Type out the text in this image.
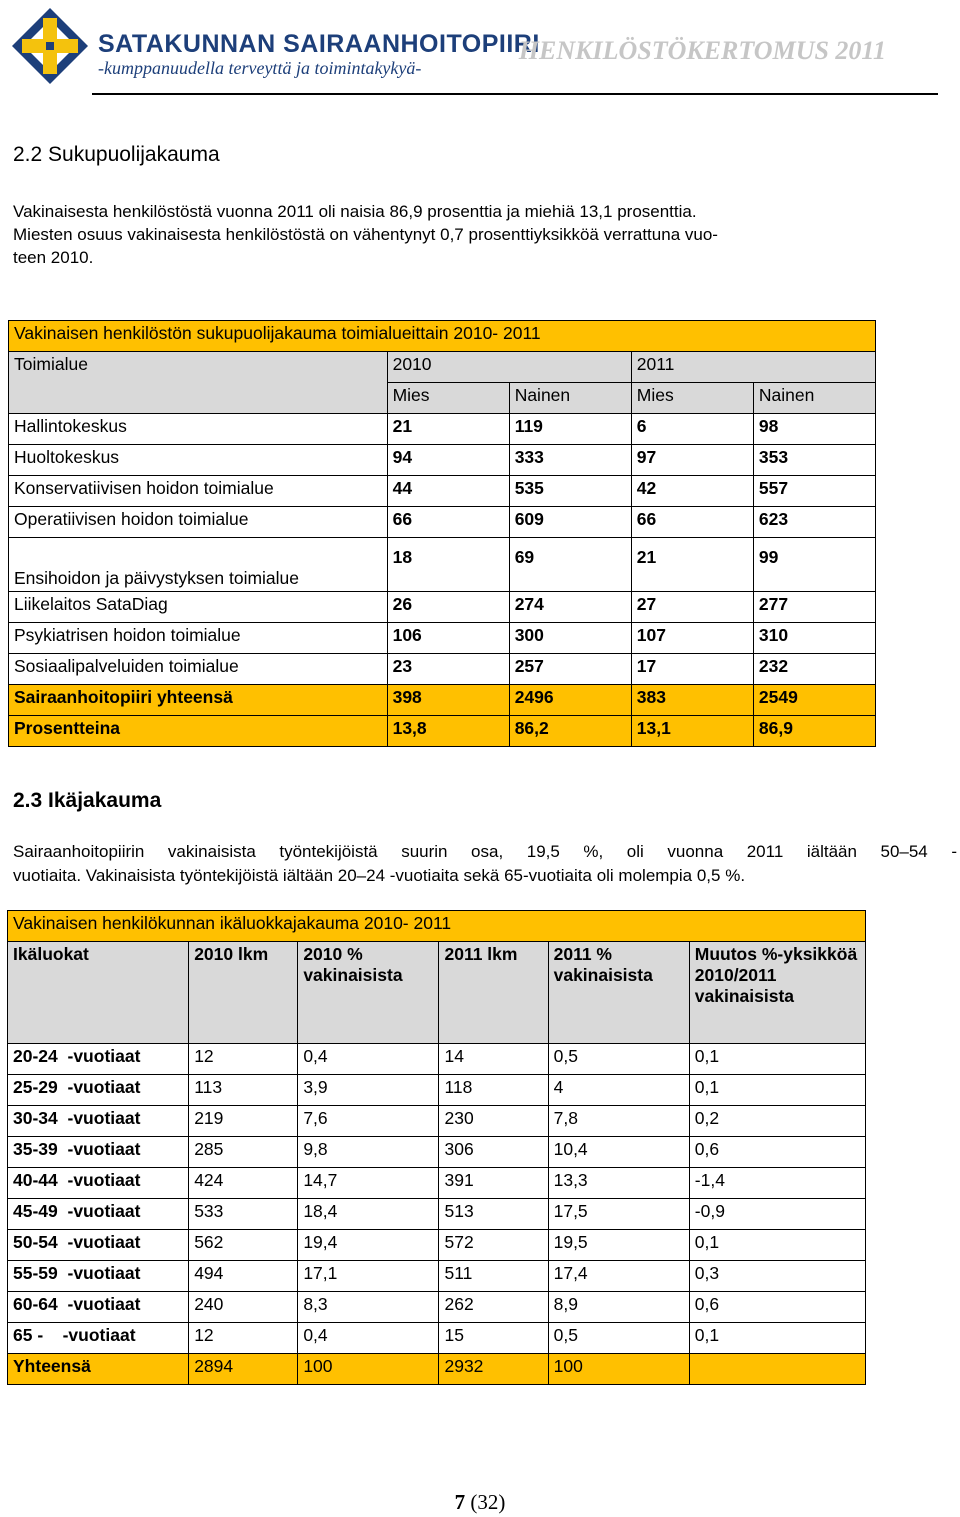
SATAKUNNAN SAIRAANHOITOPIIRI
-kumppanuudella terveyttä ja toimintakykyä-
HENKILÖSTÖKERTOMUS 2011
2.2 Sukupuolijakauma
Vakinaisesta henkilöstöstä vuonna 2011 oli naisia 86,9 prosenttia ja miehiä 13,1 prosenttia.
Miesten osuus vakinaisesta henkilöstöstä on vähentynyt 0,7 prosenttiyksikköä verrattuna vuo-
teen 2010.
Vakinaisen henkilöstön sukupuolijakauma toimialueittain 2010- 2011				
Toimialue	2010		2011	
	Mies	Nainen	Mies	Nainen
Hallintokeskus	21	119	6	98
Huoltokeskus	94	333	97	353
Konservatiivisen hoidon toimialue	44	535	42	557
Operatiivisen hoidon toimialue	66	609	66	623
Ensihoidon ja päivystyksen toimialue	18	69	21	99
Liikelaitos SataDiag	26	274	27	277
Psykiatrisen hoidon toimialue	106	300	107	310
Sosiaalipalveluiden toimialue	23	257	17	232
Sairaanhoitopiiri yhteensä	398	2496	383	2549
Prosentteina	13,8	86,2	13,1	86,9
2.3 Ikäjakauma
Sairaanhoitopiirin vakinaisista työntekijöistä suurin osa, 19,5 %, oli vuonna 2011 iältään 50–54 -
vuotiaita. Vakinaisista työntekijöistä iältään 20–24 -vuotiaita sekä 65-vuotiaita oli molempia 0,5 %.
Vakinaisen henkilökunnan ikäluokkajakauma 2010- 2011					
Ikäluokat	2010 lkm	2010 % vakinaisista	2011 lkm	2011 % vakinaisista	Muutos %-yksikköä 2010/2011 vakinaisista
20-24 -vuotiaat	12	0,4	14	0,5	0,1
25-29 -vuotiaat	113	3,9	118	4	0,1
30-34 -vuotiaat	219	7,6	230	7,8	0,2
35-39 -vuotiaat	285	9,8	306	10,4	0,6
40-44 -vuotiaat	424	14,7	391	13,3	-1,4
45-49 -vuotiaat	533	18,4	513	17,5	-0,9
50-54 -vuotiaat	562	19,4	572	19,5	0,1
55-59 -vuotiaat	494	17,1	511	17,4	0,3
60-64 -vuotiaat	240	8,3	262	8,9	0,6
65 - -vuotiaat	12	0,4	15	0,5	0,1
Yhteensä	2894	100	2932	100	
7 (32)
